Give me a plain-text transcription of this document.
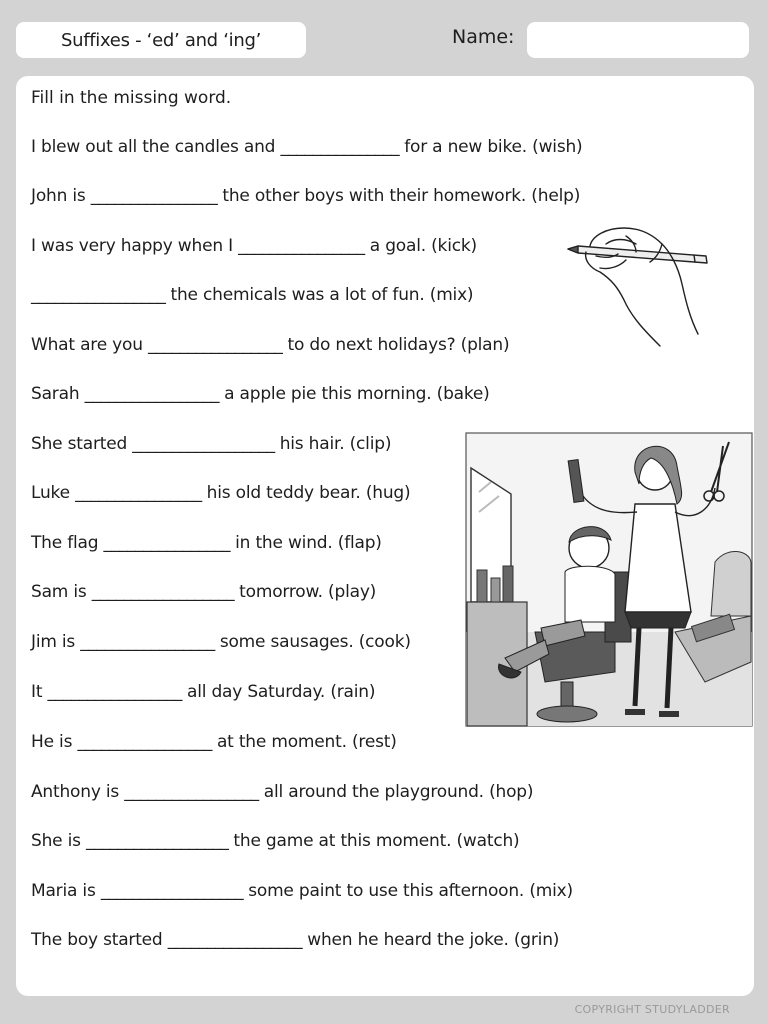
Suffixes - ‘ed’ and ‘ing’	Name:
Fill in the missing word.
I blew out all the candles and _______________ for a new bike. (wish)
John is ________________ the other boys with their homework. (help)
I was very happy when I ________________ a goal. (kick)
_________________ the chemicals was a lot of fun. (mix)
What are you _________________ to do next holidays? (plan)
Sarah _________________ a apple pie this morning. (bake)
She started __________________ his hair. (clip)
Luke ________________ his old teddy bear. (hug)
The flag ________________ in the wind. (flap)
Sam is __________________ tomorrow. (play)
Jim is _________________ some sausages. (cook)
It _________________ all day Saturday. (rain)
He is _________________ at the moment. (rest)
Anthony is _________________ all around the playground. (hop)
She is __________________ the game at this moment. (watch)
Maria is __________________ some paint to use this afternoon. (mix)
The boy started _________________ when he heard the joke. (grin)
COPYRIGHT STUDYLADDER
